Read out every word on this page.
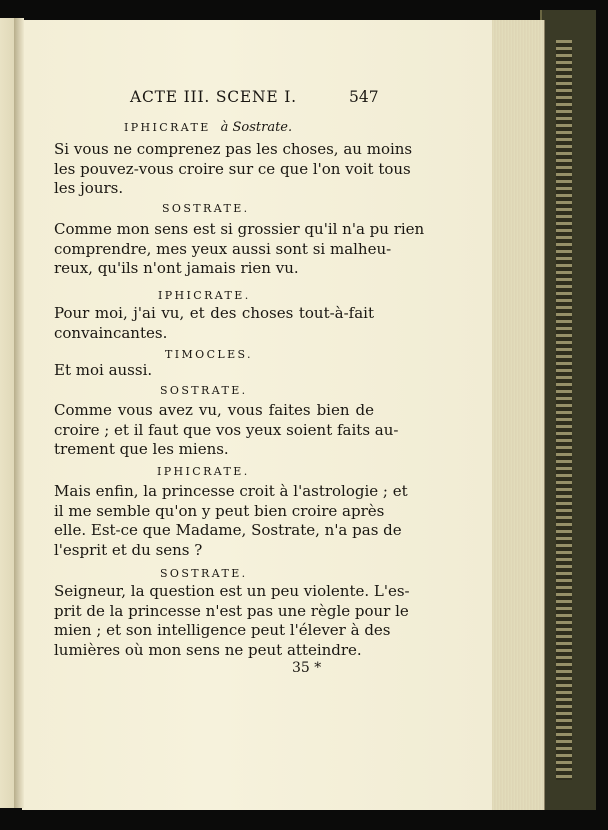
ACTE III. SCENE I.	547
IPHICRATE à Sostrate.
Si vous ne comprenez pas les choses, au moins
les pouvez-vous croire sur ce que l'on voit tous
les jours.
SOSTRATE.
Comme mon sens est si grossier qu'il n'a pu rien
comprendre, mes yeux aussi sont si malheu-
reux, qu'ils n'ont jamais rien vu.
IPHICRATE.
Pour moi, j'ai vu, et des choses tout-à-fait
convaincantes.
TIMOCLES.
Et moi aussi.
SOSTRATE.
Comme vous avez vu, vous faites bien de
croire ; et il faut que vos yeux soient faits au-
trement que les miens.
IPHICRATE.
Mais enfin, la princesse croit à l'astrologie ; et
il me semble qu'on y peut bien croire après
elle. Est-ce que Madame, Sostrate, n'a pas de
l'esprit et du sens ?
SOSTRATE.
Seigneur, la question est un peu violente. L'es-
prit de la princesse n'est pas une règle pour le
mien ; et son intelligence peut l'élever à des
lumières où mon sens ne peut atteindre.
35 *
